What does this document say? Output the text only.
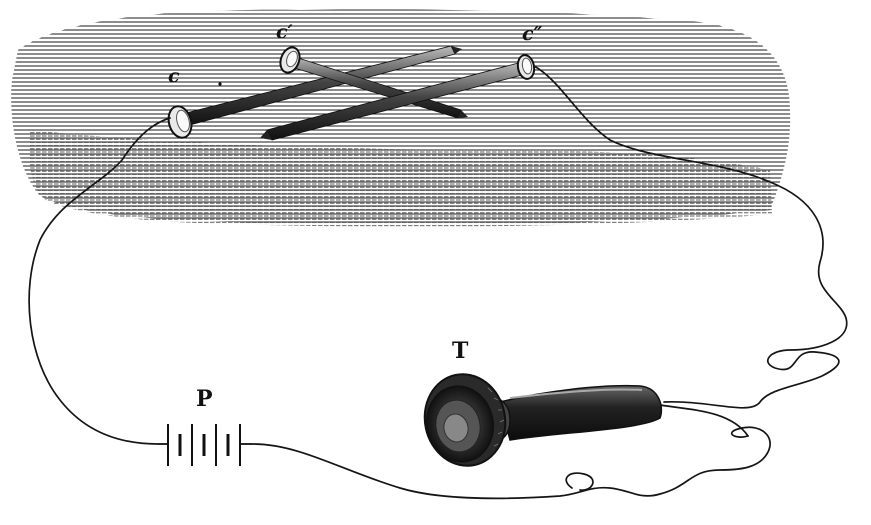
c
c′	c″
P
T
